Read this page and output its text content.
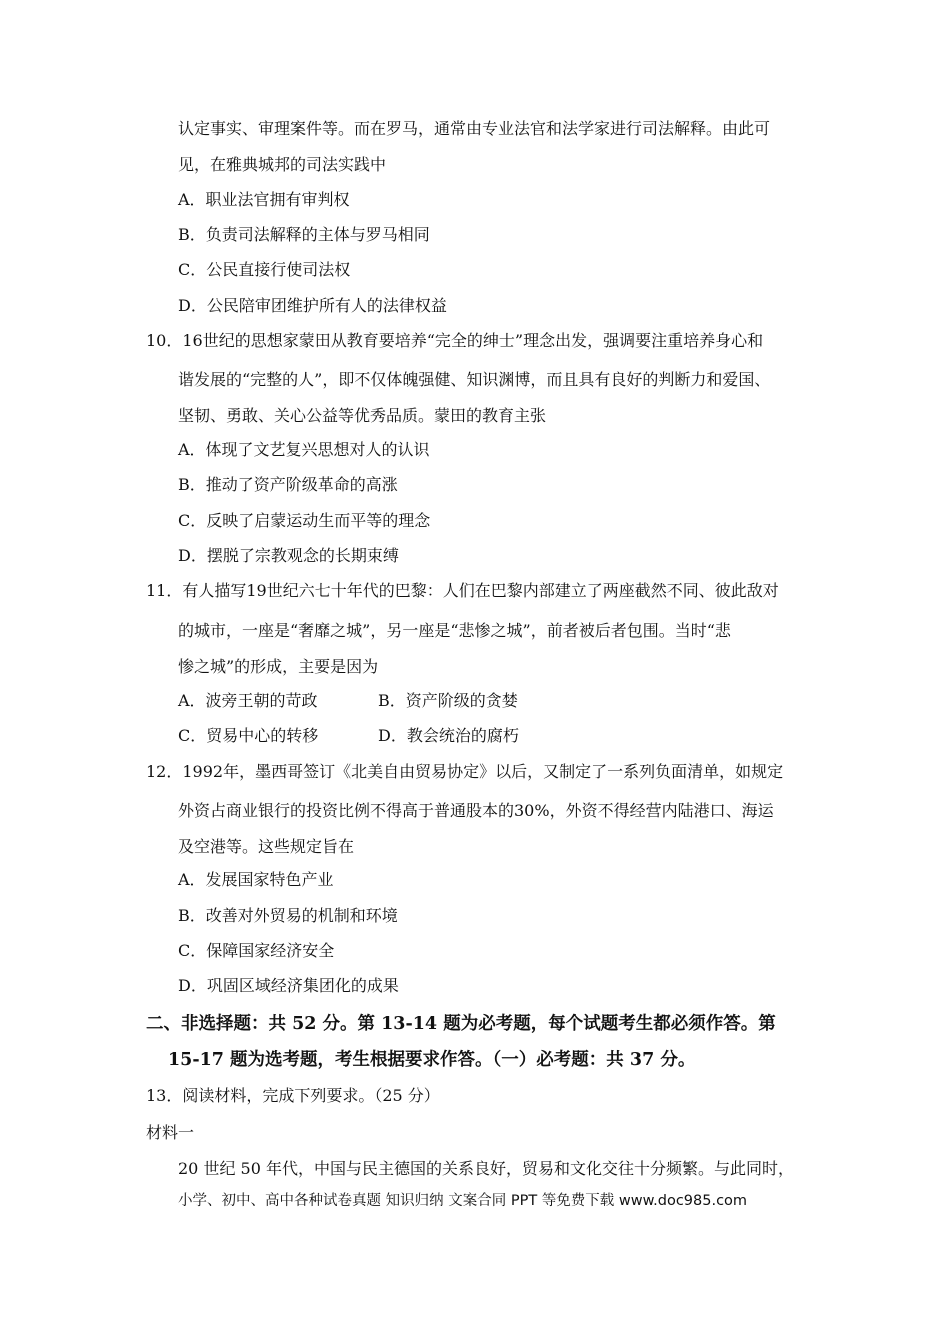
认定事实、审理案件等。而在罗马，通常由专业法官和法学家进行司法解释。由此可
见，在雅典城邦的司法实践中
A．职业法官拥有审判权
B．负责司法解释的主体与罗马相同
C．公民直接行使司法权
D．公民陪审团维护所有人的法律权益
10．16世纪的思想家蒙田从教育要培养“完全的绅士”理念出发，强调要注重培养身心和
谐发展的“完整的人”，即不仅体魄强健、知识渊博，而且具有良好的判断力和爱国、
坚韧、勇敢、关心公益等优秀品质。蒙田的教育主张
A．体现了文艺复兴思想对人的认识
B．推动了资产阶级革命的高涨
C．反映了启蒙运动生而平等的理念
D．摆脱了宗教观念的长期束缚
11．有人描写19世纪六七十年代的巴黎：人们在巴黎内部建立了两座截然不同、彼此敌对
的城市，一座是“奢靡之城”，另一座是“悲惨之城”，前者被后者包围。当时“悲
惨之城”的形成，主要是因为
A．波旁王朝的苛政	B．资产阶级的贪婪
C．贸易中心的转移	D．教会统治的腐朽
12．1992年，墨西哥签订《北美自由贸易协定》以后，又制定了一系列负面清单，如规定
外资占商业银行的投资比例不得高于普通股本的30%，外资不得经营内陆港口、海运
及空港等。这些规定旨在
A．发展国家特色产业
B．改善对外贸易的机制和环境
C．保障国家经济安全
D．巩固区域经济集团化的成果
二、非选择题：共 52 分。第 13-14 题为必考题，每个试题考生都必须作答。第
15-17 题为选考题，考生根据要求作答。（一）必考题：共 37 分。
13．阅读材料，完成下列要求。（25 分）
材料一
20 世纪 50 年代，中国与民主德国的关系良好，贸易和文化交往十分频繁。与此同时，
小学、初中、高中各种试卷真题 知识归纳 文案合同 PPT 等免费下载 www.doc985.com
